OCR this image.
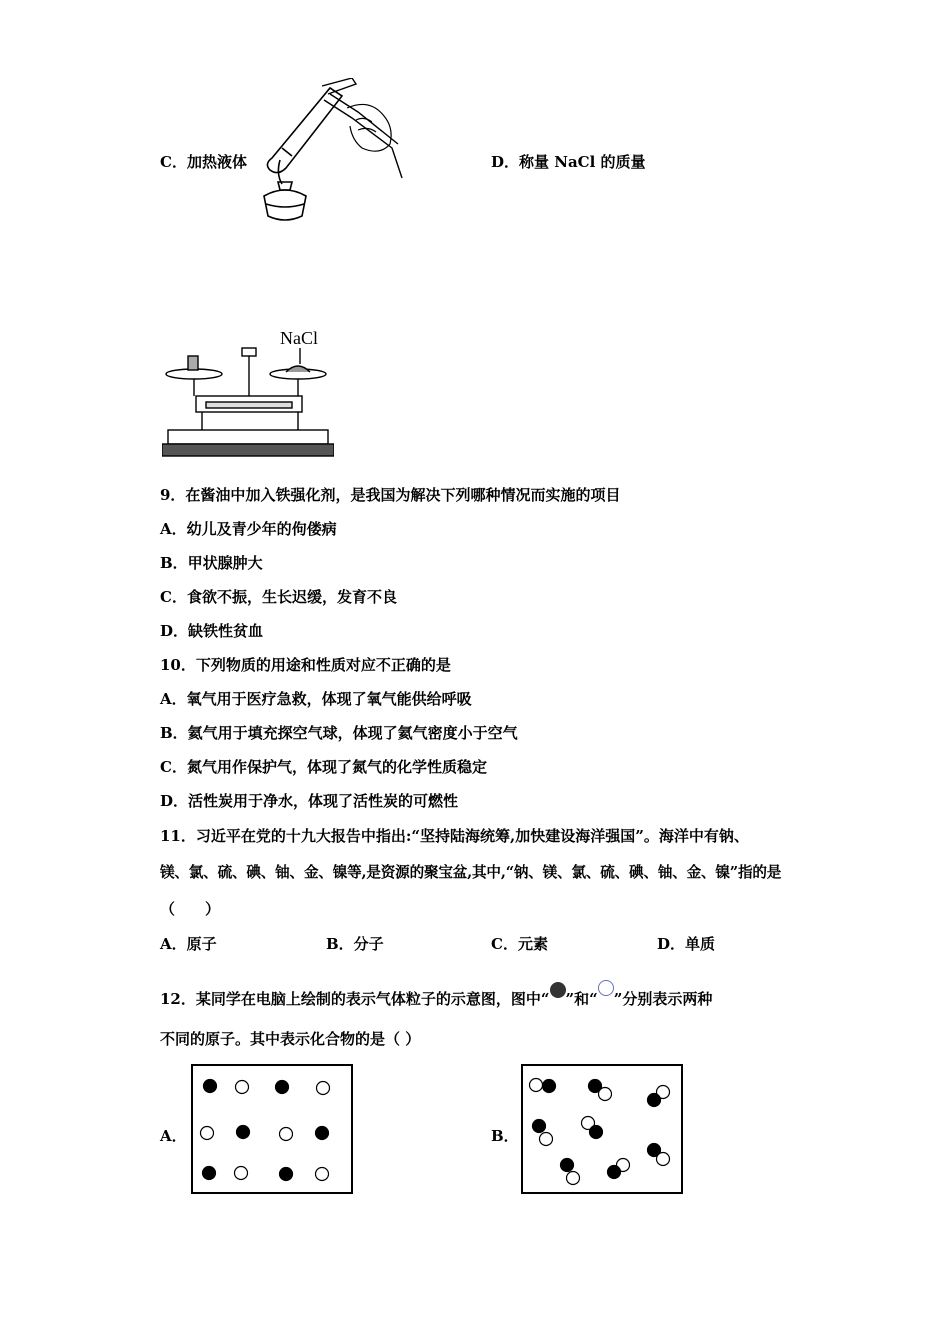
C．加热液体	D．称量 NaCl 的质量
NaCl
9．在酱油中加入铁强化剂，是我国为解决下列哪种情况而实施的项目
A．幼儿及青少年的佝偻病
B．甲状腺肿大
C．食欲不振，生长迟缓，发育不良
D．缺铁性贫血
10．下列物质的用途和性质对应不正确的是
A．氧气用于医疗急救，体现了氧气能供给呼吸
B．氦气用于填充探空气球，体现了氦气密度小于空气
C．氮气用作保护气，体现了氮气的化学性质稳定
D．活性炭用于净水，体现了活性炭的可燃性
11．习近平在党的十九大报告中指出:“坚持陆海统筹,加快建设海洋强国”。海洋中有钠、
镁、氯、硫、碘、铀、金、镍等,是资源的聚宝盆,其中,“钠、镁、氯、硫、碘、铀、金、镍”指的是
（　　）
A．原子	B．分子	C．元素	D．单质
12．某同学在电脑上绘制的表示气体粒子的示意图，图中“ ”和“ ”分别表示两种
不同的原子。其中表示化合物的是（ ）
A．	B．
